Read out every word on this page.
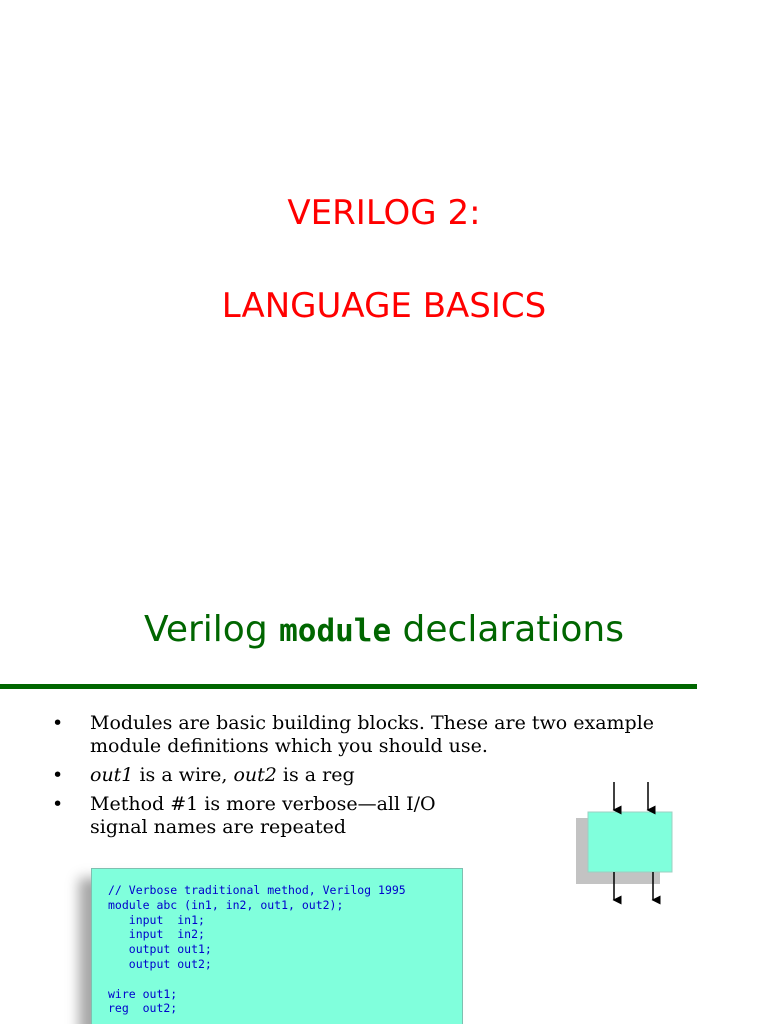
VERILOG 2:
LANGUAGE BASICS
Verilog module declarations
• Modules are basic building blocks. These are two example module definitions which you should use.
• out1 is a wire, out2 is a reg
• Method #1 is more verbose—all I/O signal names are repeated
// Verbose traditional method, Verilog 1995
module abc (in1, in2, out1, out2);
input  in1;
input  in2;
output out1;
output out2;

wire out1;
reg  out2;
